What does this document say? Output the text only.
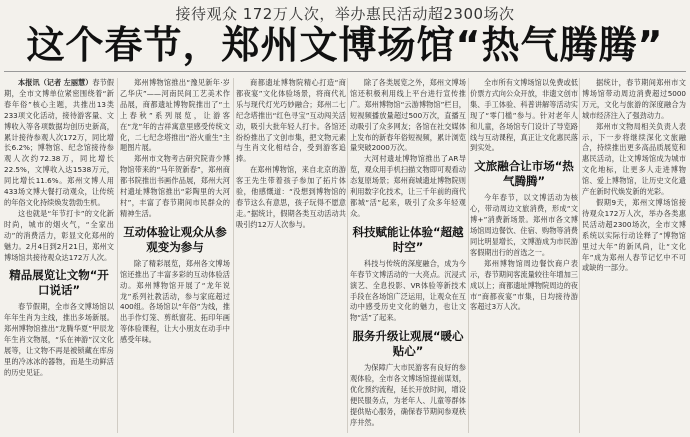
接待观众 172万人次，举办惠民活动超2300场次
这个春节，郑州文博场馆“热气腾腾”

本报讯（记者 左丽慧）春节假期，全市文博单位紧密围绕着“新春年俗”核心主题，共推出13类233项文化活动，接待游客量、文博收入等各项数据均创历史新高，累计接待参观人次172万，同比增长6.2%；博物馆、纪念馆接待参观人次约72.38万，同比增长22.5%，文博收入达1538万元，同比增长11.6%。郑州文博人用433场文博大餐打动观众，让传统的年俗文化持续焕发勃勃生机。

这也就是“年节打卡”的文化新时尚，城市的烟火气，“全家出动”的消费活力，彰显文化郑州的魅力。2月4日到2月21日，郑州文博场馆共接待观众达172万人次。

精品展览让文物“开口说话”

春节假期，全市各文博场馆以年年生肖为主线，推出多场新展。郑州博物馆推出“龙腾华夏”甲辰龙年生肖文物展，“乐在神游”汉文化展等，让文物不再是被锁藏在库房里的冷冰冰的器物，而是生动鲜活的历史见证。

郑州博物馆推出“豫见新年·岁乙华庆”——河南民间工艺美术作品展，商都遗址博物院推出了“土上春秋”系列展览，让游客在“龙”年的吉祥寓意里感受传统文化，二七纪念塔推出“浴火重生”主题图片展。

郑州市文物考古研究院青少博物馆带来的“马年贺新春”，郑州商都书院推出书画作品展，郑州大河村遗址博物馆推出“彩陶里的大河村”，丰富了春节期间市民群众的精神生活。

互动体验让观众从参观变为参与

除了精彩展览，郑州各文博场馆还推出了丰富多彩的互动体验活动。郑州博物馆开展了“龙年说龙”系列社教活动，参与家庭超过400组。各场馆以“年俗”为线，推出手作灯笼、剪纸窗花、拓印年画等体验课程，让大小朋友在动手中感受年味。

商都遗址博物院精心打造“商都夜宴”文化体验场景，将商代礼乐与现代灯光巧妙融合；郑州二七纪念塔推出“红色寻宝”互动闯关活动，吸引大批年轻人打卡。各馆还纷纷推出了文创市集，把文物元素与生肖文化相结合，受到游客追捧。

在郑州博物馆，来自北京的游客王先生带着孩子参加了拓片体验，他感慨道：“没想到博物馆的春节这么有意思，孩子玩得不愿意走。”据统计，假期各类互动活动共吸引约12万人次参与。

除了各类展览之外，郑州文博场馆还积极利用线上平台进行宣传推广。郑州博物馆“云游博物馆”栏目，短视频播放量超过500万次，直播互动吸引了众多网友；各馆在社交媒体上发布的新春年俗短视频，累计浏览量突破2000万次。

大河村遗址博物馆推出了AR导览，观众用手机扫描文物即可观看动态复原场景；郑州商城遗址博物院则利用数字化技术，让三千年前的商代都城“活”起来，吸引了众多年轻观众。

科技赋能让体验“超越时空”

科技与传统的深度融合，成为今年春节文博活动的一大亮点。沉浸式演艺、全息投影、VR体验等新技术手段在各场馆广泛运用，让观众在互动中感受历史文化的魅力，也让文物“活”了起来。

服务升级让观展“暖心贴心”

为保障广大市民游客有良好的参观体验，全市各文博场馆提前谋划，优化预约流程，延长开放时间，增设便民服务点，为老年人、儿童等群体提供贴心服务，确保春节期间参观秩序井然。

全市所有文博场馆以免费或低价票方式向公众开放，非遗文创市集、手工体验、科普讲解等活动实现了“零门槛”参与。针对老年人和儿童，各场馆专门设计了导览路线与互动课程，真正让文化惠民落到实处。

文旅融合让市场“热气腾腾”

今年春节，以文博活动为核心，带动周边文旅消费，形成“文博+”消费新场景。郑州市各文博场馆周边餐饮、住宿、购物等消费同比明显增长，文博游成为市民游客假期出行的首选之一。

郑州博物馆周边餐饮商户表示，春节期间客流量较往年增加三成以上；商都遗址博物院周边的夜市“商都夜宴”市集，日均接待游客超过3万人次。

据统计，春节期间郑州市文博场馆带动周边消费超过5000万元，文化与旅游的深度融合为城市经济注入了强劲动力。

郑州市文物局相关负责人表示，下一步将继续深化文旅融合，持续推出更多高品质展览和惠民活动，让文博场馆成为城市文化地标，让更多人走进博物馆、爱上博物馆，让历史文化遗产在新时代焕发新的光彩。

假期9天，郑州文博场馆接待观众172万人次，举办各类惠民活动超2300场次，全市文博系统以实际行动诠释了“博物馆里过大年”的新风尚，让“文化年”成为郑州人春节记忆中不可或缺的一部分。
